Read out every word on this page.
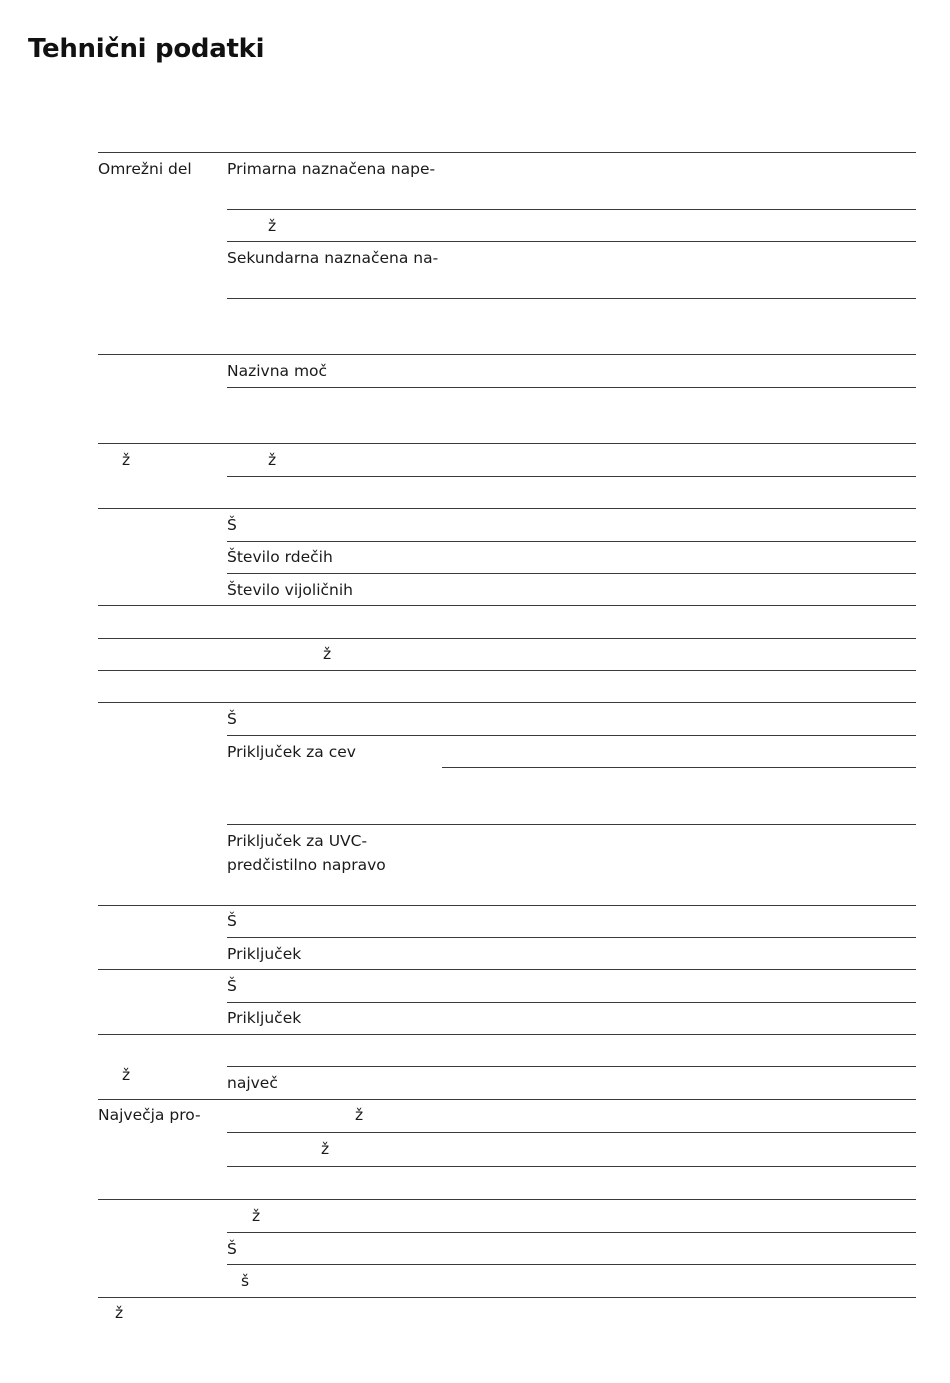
Tehnični podatki
Omrežni del
ž
ž
Največja pro-
ž
Primarna naznačena nape-
ž
Sekundarna naznačena na-
Nazivna moč
ž
Š
Število rdečih
Število vijoličnih
ž
Š
Priključek za cev
Priključek za UVC-
predčistilno napravo
Š
Priključek
Š
Priključek
največ
ž
ž
ž
Š
š
